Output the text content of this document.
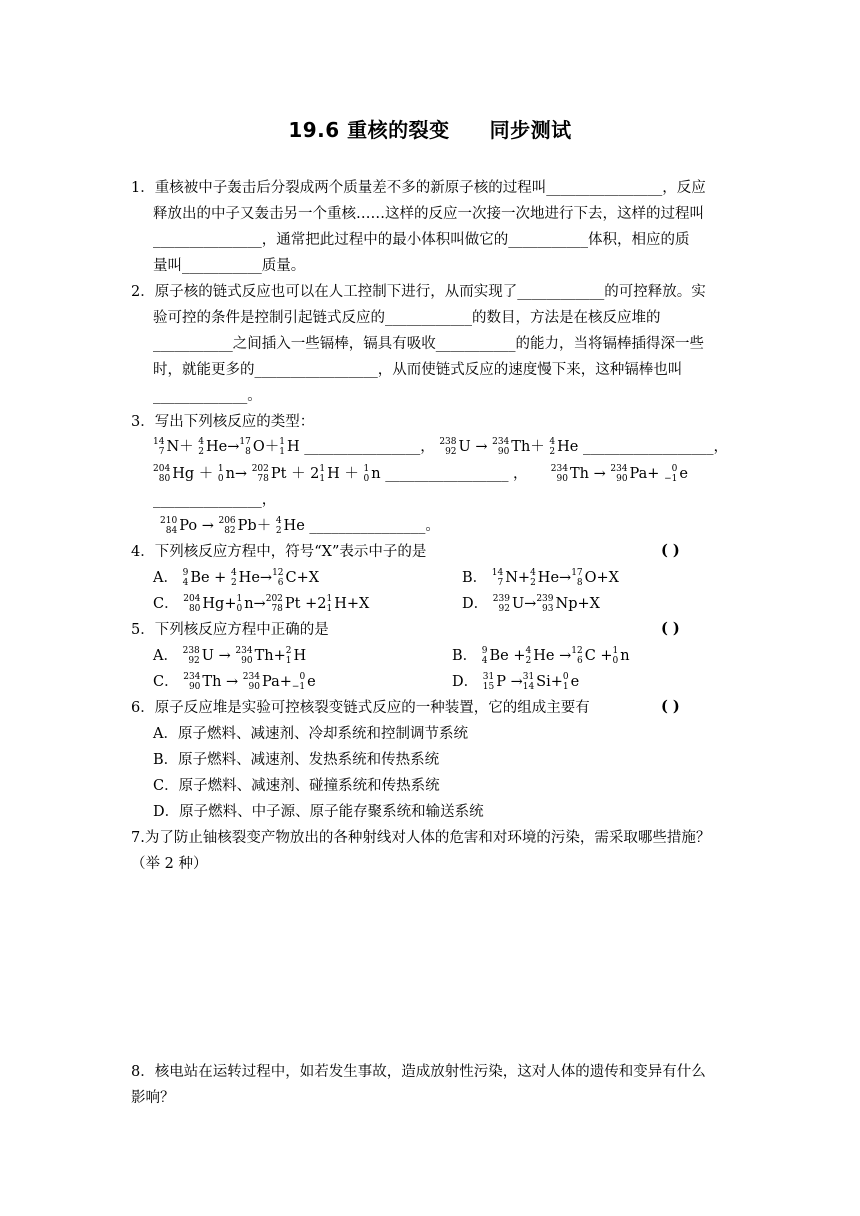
19.6 重核的裂变 同步测试
1．重核被中子轰击后分裂成两个质量差不多的新原子核的过程叫________________，反应
释放出的中子又轰击另一个重核……这样的反应一次接一次地进行下去，这样的过程叫
_______________，通常把此过程中的最小体积叫做它的___________体积，相应的质
量叫___________质量。
2．原子核的链式反应也可以在人工控制下进行，从而实现了____________的可控释放。实
验可控的条件是控制引起链式反应的____________的数目，方法是在核反应堆的
___________之间插入一些镉棒，镉具有吸收___________的能力，当将镉棒插得深一些
时，就能更多的_________________，从而使链式反应的速度慢下来，这种镉棒也叫
_____________。
3．写出下列核反应的类型：
14
7 N＋ 4
2 He→ 17
8 O＋ 1
1 H ________________， 238
92 U → 234
90 Th＋ 4
2 He __________________，
204
80 Hg ＋ 1
0 n→ 202
78 Pt ＋ 2 1
1 H ＋ 1
0 n _________________ ，	234
90 Th → 234
90 Pa+ 0
−1 e
_______________，
210
84 Po → 206
82 Pb＋ 4
2 He ________________。
4．下列核反应方程中，符号“X”表示中子的是	( )
A． 9
4 Be + 4
2 He→ 12
6 C+X	B． 14
7 N+ 4
2 He→ 17
8 O+X
C． 204
80 Hg+ 1
0 n→ 202
78 Pt +2 1
1 H+X	D． 239
92 U→ 239
93 Np+X
5．下列核反应方程中正确的是	( )
A． 238
92 U → 234
90 Th+ 2
1 H	B． 9
4 Be + 4
2 He → 12
6 C + 1
0 n
C． 234
90 Th → 234
90 Pa+ 0
−1 e	D． 31
15 P → 31
14 Si+ 0
1 e
6．原子反应堆是实验可控核裂变链式反应的一种装置，它的组成主要有	( )
A．原子燃料、减速剂、冷却系统和控制调节系统
B．原子燃料、减速剂、发热系统和传热系统
C．原子燃料、减速剂、碰撞系统和传热系统
D．原子燃料、中子源、原子能存聚系统和输送系统
7.为了防止铀核裂变产物放出的各种射线对人体的危害和对环境的污染，需采取哪些措施？
（举 2 种）
8．核电站在运转过程中，如若发生事故，造成放射性污染，这对人体的遗传和变异有什么
影响？
